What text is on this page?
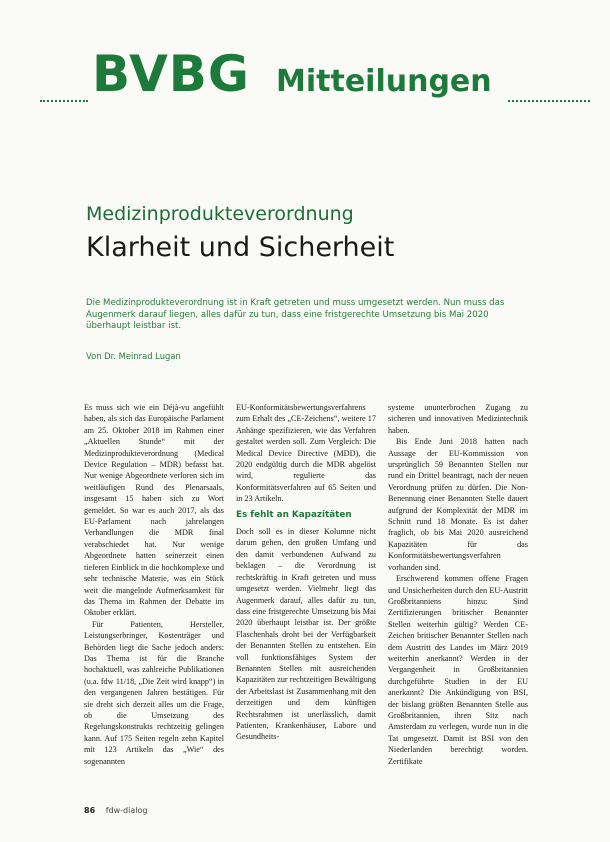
BVBG Mitteilungen
Medizinprodukteverordnung
Klarheit und Sicherheit
Die Medizinprodukteverordnung ist in Kraft getreten und muss umgesetzt werden. Nun muss das Augenmerk darauf liegen, alles dafür zu tun, dass eine fristgerechte Umsetzung bis Mai 2020 überhaupt leistbar ist.
Von Dr. Meinrad Lugan

Es muss sich wie ein Déjà-vu angefühlt haben, als sich das Europäische Parlament am 25. Oktober 2018 im Rahmen einer „Aktuellen Stunde“ mit der Medizinprodukteverordnung (Medical Device Regulation – MDR) befasst hat. Nur wenige Abgeordnete verloren sich im weitläufigen Rund des Plenarsaals, insgesamt 15 haben sich zu Wort gemeldet. So war es auch 2017, als das EU-Parlament nach jahrelangen Verhandlungen die MDR final verabschiedet hat. Nur wenige Abgeordnete hatten seinerzeit einen tieferen Einblick in die hochkomplexe und sehr technische Materie, was ein Stück weit die mangelnde Aufmerksamkeit für das Thema im Rahmen der Debatte im Oktober erklärt.

Für Patienten, Hersteller, Leistungserbringer, Kostenträger und Behörden liegt die Sache jedoch anders: Das Thema ist für die Branche hochaktuell, was zahlreiche Publikationen (u.a. fdw 11/18, „Die Zeit wird knapp“) in den vergangenen Jahren bestätigen. Für sie dreht sich derzeit alles um die Frage, ob die Umsetzung des Regelungskonstrukts rechtzeitig gelingen kann. Auf 175 Seiten regeln zehn Kapitel mit 123 Artikeln das „Wie“ des sogenannten

EU-Konformitätsbewertungsverfahrens zum Erhalt des „CE-Zeichens“, weitere 17 Anhänge spezifizieren, wie das Verfahren gestaltet werden soll. Zum Vergleich: Die Medical Device Directive (MDD), die 2020 endgültig durch die MDR abgelöst wird, regulierte das Konformitätsverfahren auf 65 Seiten und in 23 Artikeln.

Es fehlt an Kapazitäten

Doch soll es in dieser Kolumne nicht darum gehen, den großen Umfang und den damit verbundenen Aufwand zu beklagen – die Verordnung ist rechtskräftig in Kraft getreten und muss umgesetzt werden. Vielmehr liegt das Augenmerk darauf, alles dafür zu tun, dass eine fristgerechte Umsetzung bis Mai 2020 überhaupt leistbar ist. Der größte Flaschenhals droht bei der Verfügbarkeit der Benannten Stellen zu entstehen. Ein voll funktionsfähiges System der Benannten Stellen mit ausreichenden Kapazitäten zur rechtzeitigen Bewältigung der Arbeitslast ist Zusammenhang mit den derzeitigen und dem künftigen Rechtsrahmen ist unerlässlich, damit Patienten, Krankenhäuser, Labore und Gesundheits-

systeme ununterbrochen Zugang zu sicheren und innovativen Medizintechnik haben.

Bis Ende Juni 2018 hatten nach Aussage der EU-Kommission von ursprünglich 59 Benannten Stellen nur rund ein Drittel beantragt, nach der neuen Verordnung prüfen zu dürfen. Die Non-Benennung einer Benannten Stelle dauert aufgrund der Komplexität der MDR im Schnitt rund 18 Monate. Es ist daher fraglich, ob bis Mai 2020 ausreichend Kapazitäten für das Konformitätsbewertungsverfahren vorhanden sind.

Erschwerend kommen offene Fragen und Unsicherheiten durch den EU-Austritt Großbritanniens hinzu: Sind Zertifizierungen britischer Benannter Stellen weiterhin gültig? Werden CE-Zeichen britischer Benannter Stellen nach dem Austritt des Landes im März 2019 weiterhin anerkannt? Werden in der Vergangenheit in Großbritannien durchgeführte Studien in der EU anerkannt? Die Ankündigung von BSI, der bislang größten Benannten Stelle aus Großbritannien, ihren Sitz nach Amsterdam zu verlegen, wurde nun in die Tat umgesetzt. Damit ist BSI von den Niederlanden berechtigt worden. Zertifikate

86 fdw-dialog
